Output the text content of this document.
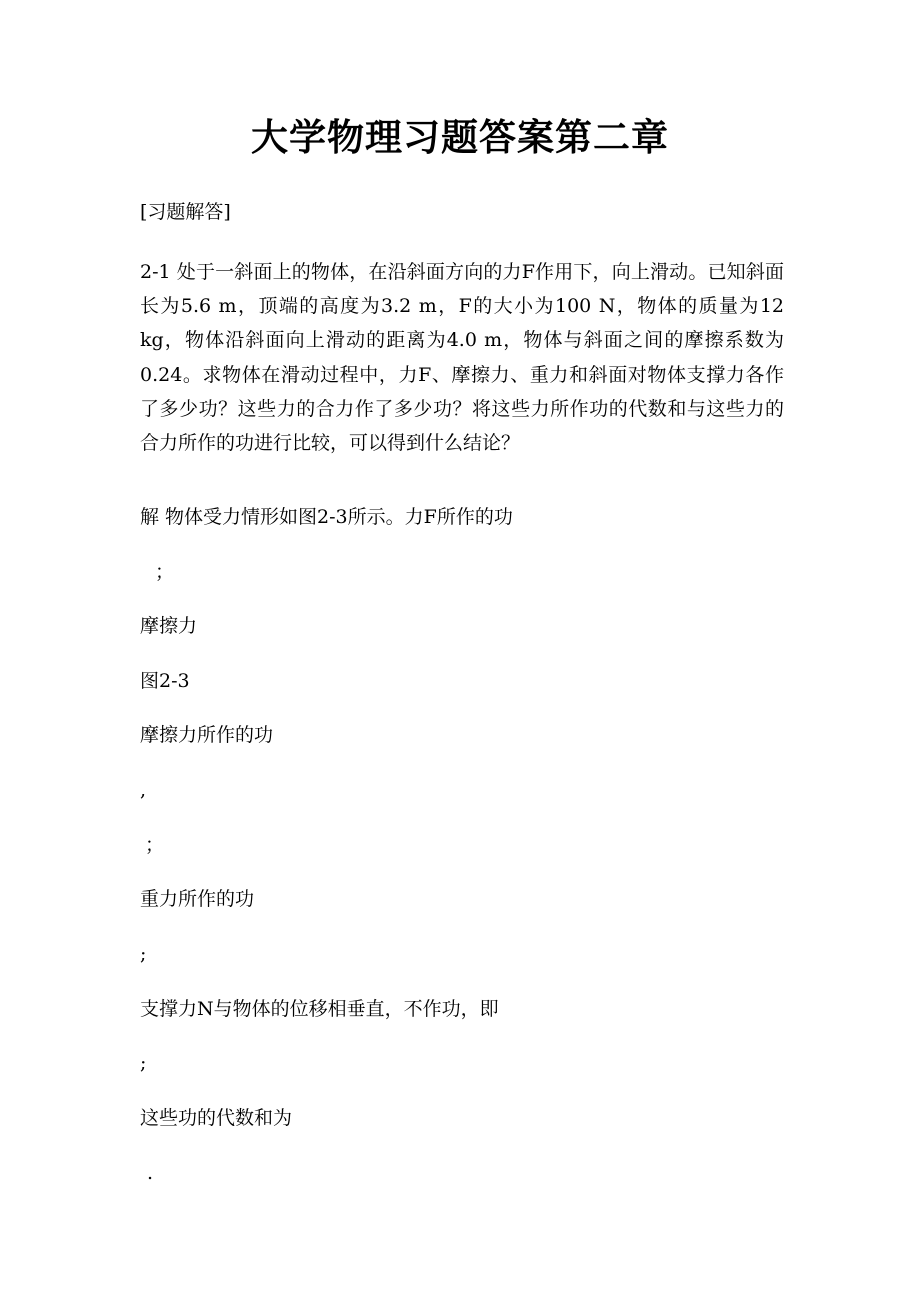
大学物理习题答案第二章
[习题解答]
2-1 处于一斜面上的物体，在沿斜面方向的力F作用下，向上滑动。已知斜面长为5.6 m，顶端的高度为3.2 m，F的大小为100 N，物体的质量为12 kg，物体沿斜面向上滑动的距离为4.0 m，物体与斜面之间的摩擦系数为0.24。求物体在滑动过程中，力F、摩擦力、重力和斜面对物体支撑力各作了多少功？这些力的合力作了多少功？将这些力所作功的代数和与这些力的合力所作的功进行比较，可以得到什么结论？
解 物体受力情形如图2-3所示。力F所作的功
；
摩擦力
图2-3
摩擦力所作的功
,
；
重力所作的功
;
支撑力N与物体的位移相垂直，不作功，即
;
这些功的代数和为
.
